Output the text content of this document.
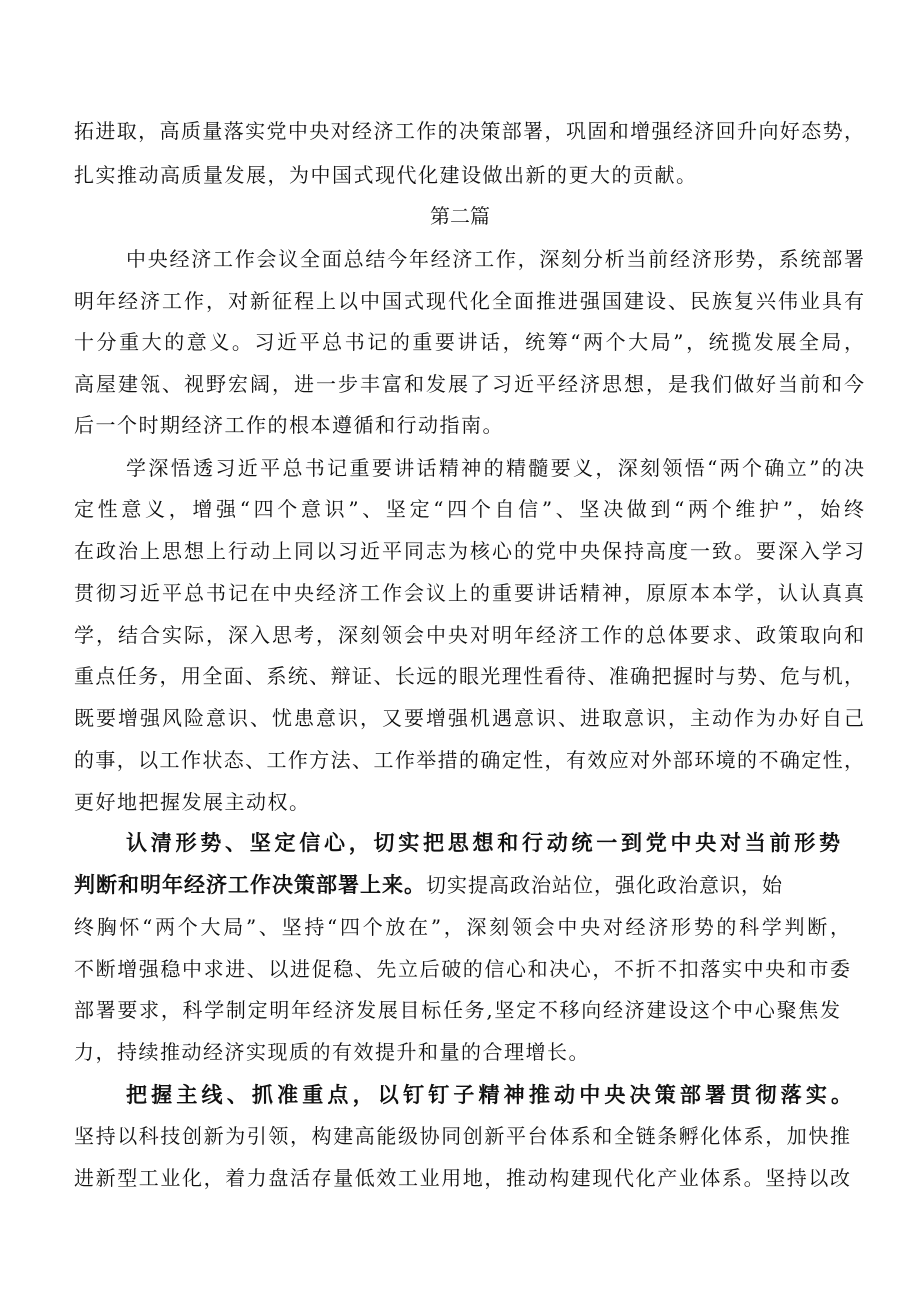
拓进取，高质量落实党中央对经济工作的决策部署，巩固和增强经济回升向好态势，
扎实推动高质量发展，为中国式现代化建设做出新的更大的贡献。
第二篇
中央经济工作会议全面总结今年经济工作，深刻分析当前经济形势，系统部署
明年经济工作，对新征程上以中国式现代化全面推进强国建设、民族复兴伟业具有
十分重大的意义。习近平总书记的重要讲话，统筹“两个大局”，统揽发展全局，
高屋建瓴、视野宏阔，进一步丰富和发展了习近平经济思想，是我们做好当前和今
后一个时期经济工作的根本遵循和行动指南。
学深悟透习近平总书记重要讲话精神的精髓要义，深刻领悟“两个确立”的决
定性意义，增强“四个意识”、坚定“四个自信”、坚决做到“两个维护”，始终
在政治上思想上行动上同以习近平同志为核心的党中央保持高度一致。要深入学习
贯彻习近平总书记在中央经济工作会议上的重要讲话精神，原原本本学，认认真真
学，结合实际，深入思考，深刻领会中央对明年经济工作的总体要求、政策取向和
重点任务，用全面、系统、辩证、长远的眼光理性看待、准确把握时与势、危与机，
既要增强风险意识、忧患意识，又要增强机遇意识、进取意识，主动作为办好自己
的事，以工作状态、工作方法、工作举措的确定性，有效应对外部环境的不确定性，
更好地把握发展主动权。
认清形势、坚定信心，切实把思想和行动统一到党中央对当前形势
判断和明年经济工作决策部署上来。切实提高政治站位，强化政治意识，始
终胸怀“两个大局”、坚持“四个放在”，深刻领会中央对经济形势的科学判断，
不断增强稳中求进、以进促稳、先立后破的信心和决心，不折不扣落实中央和市委
部署要求，科学制定明年经济发展目标任务,坚定不移向经济建设这个中心聚焦发
力，持续推动经济实现质的有效提升和量的合理增长。
把握主线、抓准重点，以钉钉子精神推动中央决策部署贯彻落实。
坚持以科技创新为引领，构建高能级协同创新平台体系和全链条孵化体系，加快推
进新型工业化，着力盘活存量低效工业用地，推动构建现代化产业体系。坚持以改
